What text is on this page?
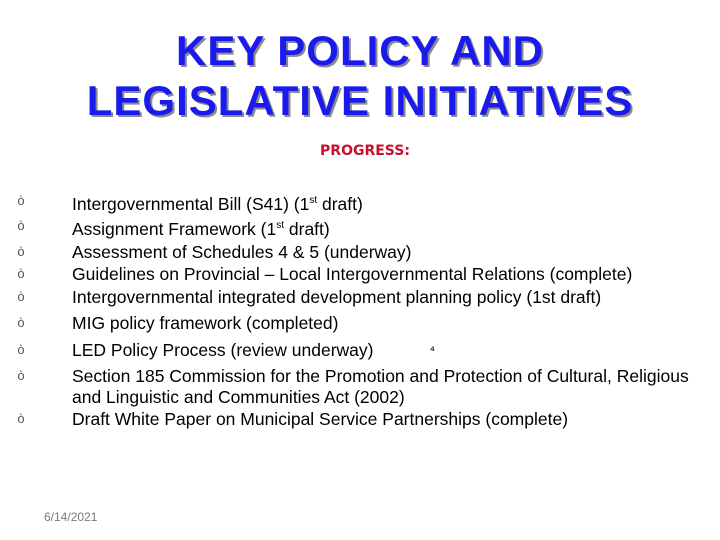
KEY POLICY AND
LEGISLATIVE INITIATIVES
PROGRESS:
ò	Intergovernmental Bill (S41) (1st draft)
ò	Assignment Framework (1st draft)
ò	Assessment of Schedules 4 & 5 (underway)
ò	Guidelines on Provincial – Local Intergovernmental Relations (complete)
ò	Intergovernmental integrated development planning policy (1st draft)
ò	MIG policy framework (completed)
ò	LED Policy Process (review underway)
ò	Section 185 Commission for the Promotion and Protection of Cultural, Religious and Linguistic and Communities Act (2002)
ò	Draft White Paper on Municipal Service Partnerships (complete)
⁴
6/14/2021
